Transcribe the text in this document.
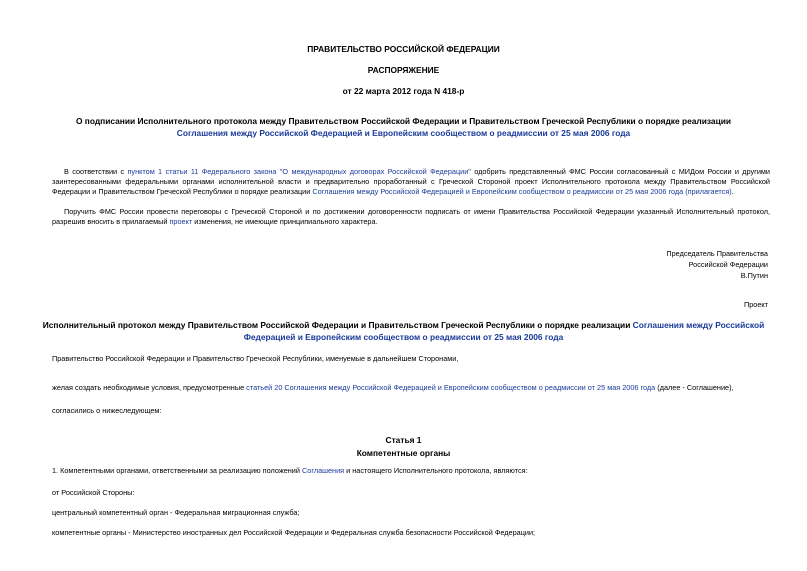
ПРАВИТЕЛЬСТВО РОССИЙСКОЙ ФЕДЕРАЦИИ
РАСПОРЯЖЕНИЕ
от 22 марта 2012 года N 418-р
О подписании Исполнительного протокола между Правительством Российской Федерации и Правительством Греческой Республики о порядке реализации
Соглашения между Российской Федерацией и Европейским сообществом о реадмиссии от 25 мая 2006 года
В соответствии с пунктом 1 статьи 11 Федерального закона "О международных договорах Российской Федерации" одобрить представленный ФМС России согласованный с МИДом России и другими заинтересованными федеральными органами исполнительной власти и предварительно проработанный с Греческой Стороной проект Исполнительного протокола между Правительством Российской Федерации и Правительством Греческой Республики о порядке реализации Соглашения между Российской Федерацией и Европейским сообществом о реадмиссии от 25 мая 2006 года (прилагается).
Поручить ФМС России провести переговоры с Греческой Стороной и по достижении договоренности подписать от имени Правительства Российской Федерации указанный Исполнительный протокол, разрешив вносить в прилагаемый проект изменения, не имеющие принципиального характера.
Председатель Правительства
Российской Федерации
В.Путин
Проект
Исполнительный протокол между Правительством Российской Федерации и Правительством Греческой Республики о порядке реализации Соглашения между Российской Федерацией и Европейским сообществом о реадмиссии от 25 мая 2006 года
Правительство Российской Федерации и Правительство Греческой Республики, именуемые в дальнейшем Сторонами,
желая создать необходимые условия, предусмотренные статьей 20 Соглашения между Российской Федерацией и Европейским сообществом о реадмиссии от 25 мая 2006 года (далее - Соглашение),
согласились о нижеследующем:
Статья 1
Компетентные органы
1. Компетентными органами, ответственными за реализацию положений Соглашения и настоящего Исполнительного протокола, являются:
от Российской Стороны:
центральный компетентный орган - Федеральная миграционная служба;
компетентные органы - Министерство иностранных дел Российской Федерации и Федеральная служба безопасности Российской Федерации;
